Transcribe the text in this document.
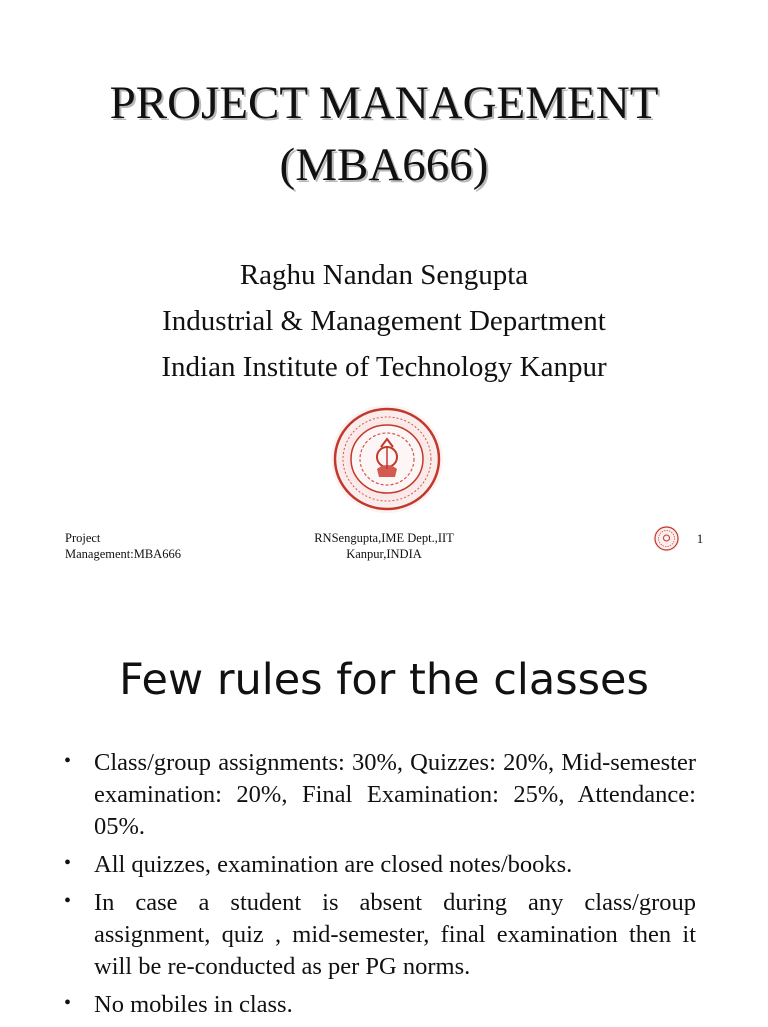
PROJECT MANAGEMENT
(MBA666)
Raghu Nandan Sengupta
Industrial & Management Department
Indian Institute of Technology Kanpur
Project
Management:MBA666
RNSengupta,IME Dept.,IIT
Kanpur,INDIA
1
Few rules for the classes
• Class/group assignments: 30%, Quizzes: 20%, Mid-semester examination: 20%, Final Examination: 25%, Attendance: 05%.
• All quizzes, examination are closed notes/books.
• In case a student is absent during any class/group assignment, quiz , mid-semester, final examination then it will be re-conducted as per PG norms.
• No mobiles in class.
